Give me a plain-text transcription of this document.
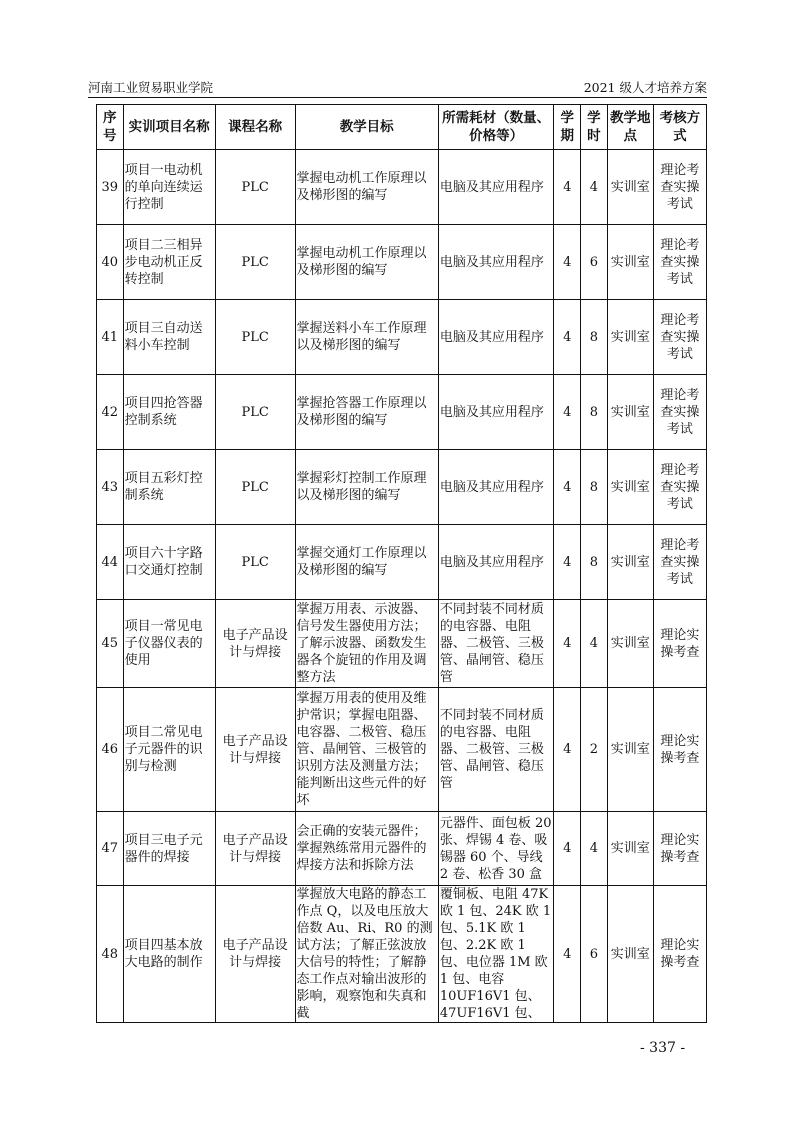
河南工业贸易职业学院	2021 级人才培养方案
序号	实训项目名称	课程名称	教学目标	所需耗材（数量、价格等）	学期	学时	教学地点	考核方式
39	项目一电动机的单向连续运行控制	PLC	掌握电动机工作原理以及梯形图的编写	电脑及其应用程序	4	4	实训室	理论考查实操考试
40	项目二三相异步电动机正反转控制	PLC	掌握电动机工作原理以及梯形图的编写	电脑及其应用程序	4	6	实训室	理论考查实操考试
41	项目三自动送料小车控制	PLC	掌握送料小车工作原理以及梯形图的编写	电脑及其应用程序	4	8	实训室	理论考查实操考试
42	项目四抢答器控制系统	PLC	掌握抢答器工作原理以及梯形图的编写	电脑及其应用程序	4	8	实训室	理论考查实操考试
43	项目五彩灯控制系统	PLC	掌握彩灯控制工作原理以及梯形图的编写	电脑及其应用程序	4	8	实训室	理论考查实操考试
44	项目六十字路口交通灯控制	PLC	掌握交通灯工作原理以及梯形图的编写	电脑及其应用程序	4	8	实训室	理论考查实操考试
45	项目一常见电子仪器仪表的使用	电子产品设计与焊接	掌握万用表、示波器、信号发生器使用方法；了解示波器、函数发生器各个旋钮的作用及调整方法	不同封装不同材质的电容器、电阻器、二极管、三极管、晶闸管、稳压管	4	4	实训室	理论实操考查
46	项目二常见电子元器件的识别与检测	电子产品设计与焊接	掌握万用表的使用及维护常识；掌握电阻器、电容器、二极管、稳压管、晶闸管、三极管的识别方法及测量方法；能判断出这些元件的好坏	不同封装不同材质的电容器、电阻器、二极管、三极管、晶闸管、稳压管	4	2	实训室	理论实操考查
47	项目三电子元器件的焊接	电子产品设计与焊接	会正确的安装元器件；掌握熟练常用元器件的焊接方法和拆除方法	元器件、面包板 20 张、焊锡 4 卷、吸锡器 60 个、导线 2 卷、松香 30 盒	4	4	实训室	理论实操考查
48	项目四基本放大电路的制作	电子产品设计与焊接	掌握放大电路的静态工作点 Q，以及电压放大倍数 Au、Ri、R0 的测试方法；了解正弦波放大信号的特性；了解静态工作点对输出波形的影响，观察饱和失真和截	覆铜板、电阻 47K 欧 1 包、24K 欧 1 包、5.1K 欧 1 包、2.2K 欧 1 包、电位器 1M 欧 1 包、电容 10UF16V1 包、47UF16V1 包、	4	6	实训室	理论实操考查
- 337 -
